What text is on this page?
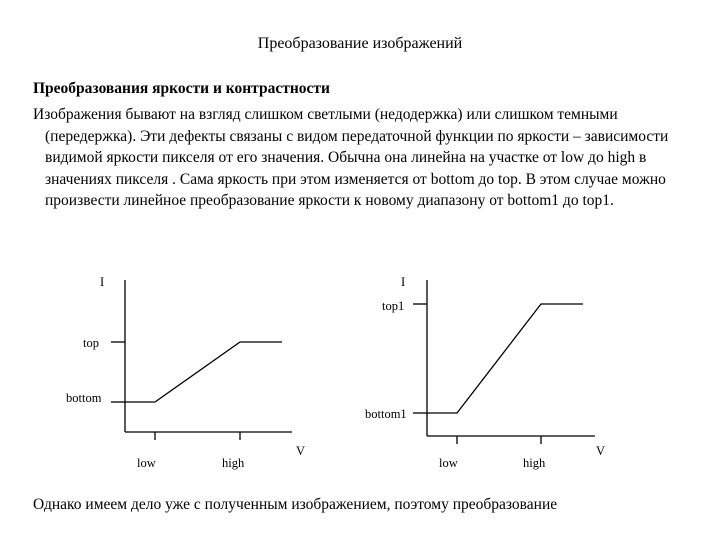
Преобразование изображений
Преобразования яркости и контрастности
Изображения бывают на взгляд слишком светлыми (недодержка) или слишком темными (передержка). Эти дефекты связаны с видом передаточной функции по яркости – зависимости видимой яркости пикселя от его значения. Обычна она линейна на участке от low до high в значениях пикселя . Сама яркость при этом изменяется от bottom до top. В этом случае можно произвести линейное преобразование яркости к новому диапазону от bottom1 до top1.
I
top
bottom
low	high
V
I
top1
bottom1
low	high
V
Однако имеем дело уже с полученным изображением, поэтому преобразование
